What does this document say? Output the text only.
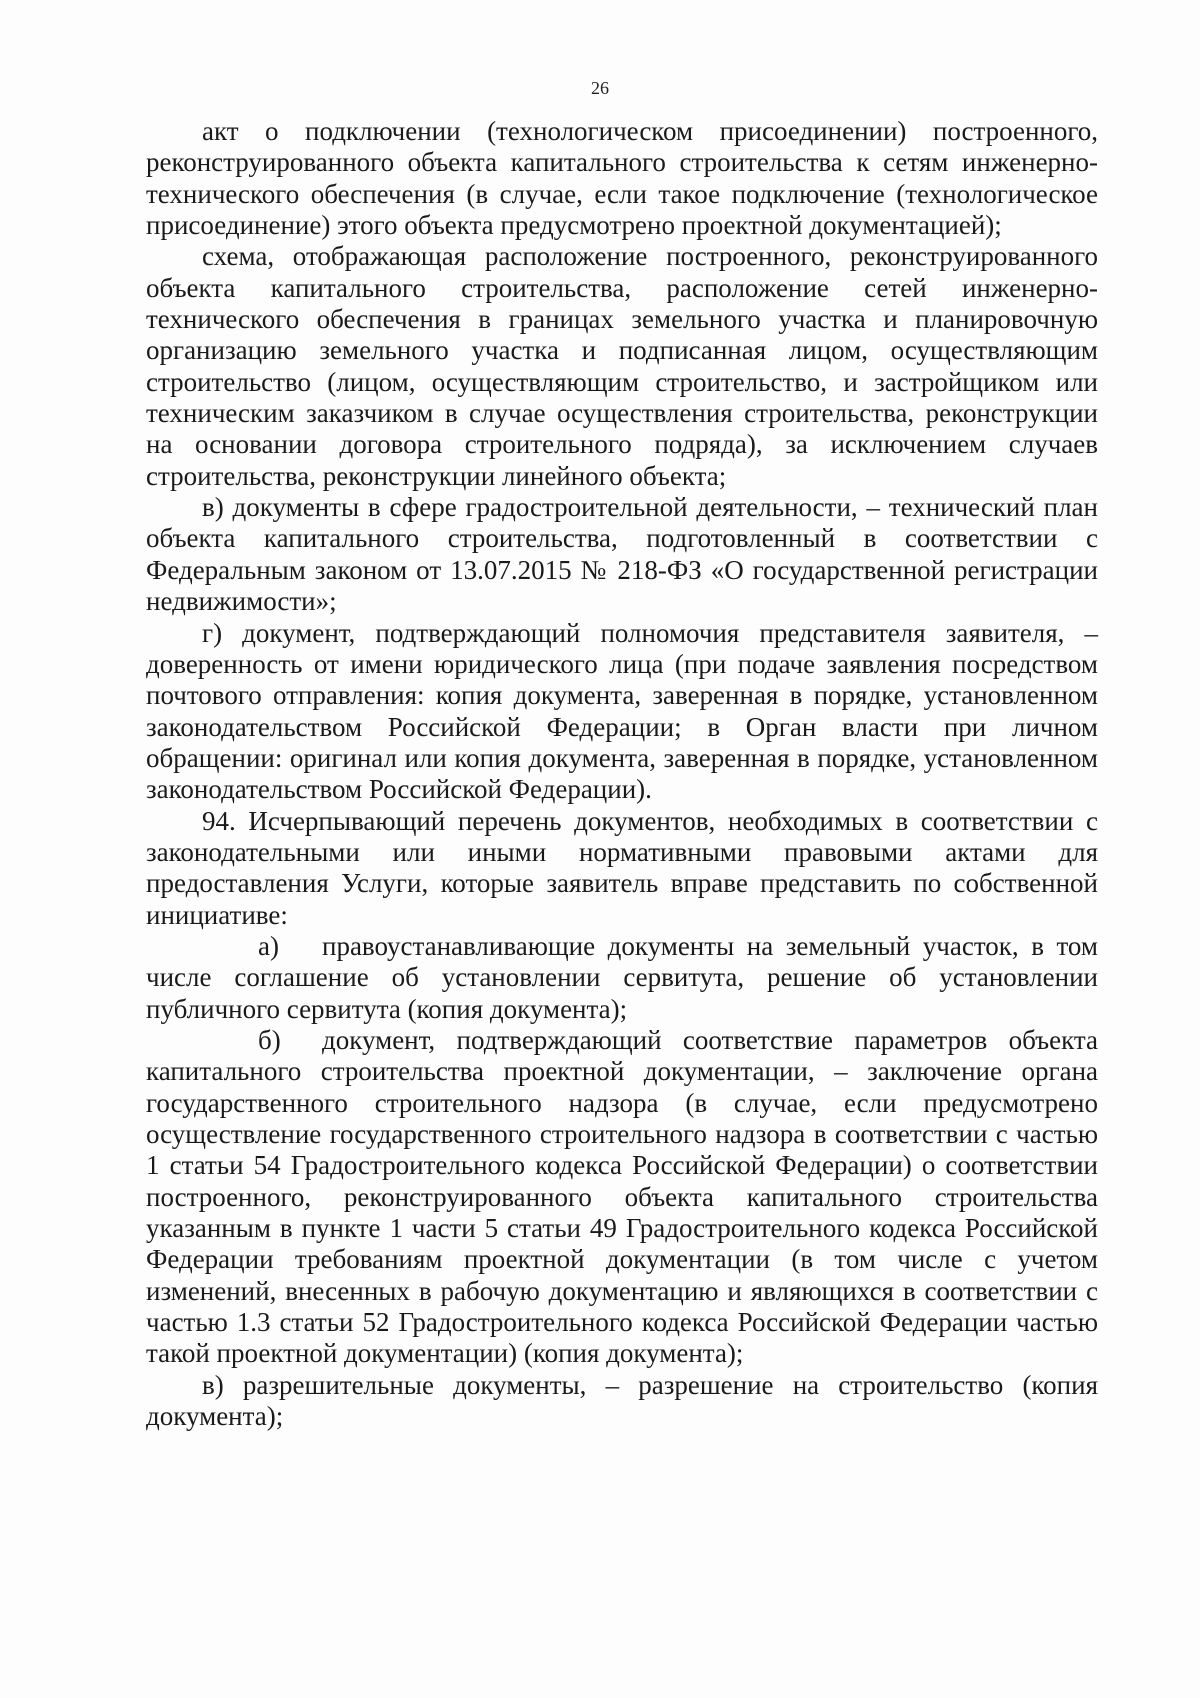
26

акт о подключении (технологическом присоединении) построенного, реконструированного объекта капитального строительства к сетям инженерно-технического обеспечения (в случае, если такое подключение (технологическое присоединение) этого объекта предусмотрено проектной документацией);

схема, отображающая расположение построенного, реконструированного объекта капитального строительства, расположение сетей инженерно-технического обеспечения в границах земельного участка и планировочную организацию земельного участка и подписанная лицом, осуществляющим строительство (лицом, осуществляющим строительство, и застройщиком или техническим заказчиком в случае осуществления строительства, реконструкции на основании договора строительного подряда), за исключением случаев строительства, реконструкции линейного объекта;

в) документы в сфере градостроительной деятельности, – технический план объекта капитального строительства, подготовленный в соответствии с Федеральным законом от 13.07.2015 № 218-ФЗ «О государственной регистрации недвижимости»;

г) документ, подтверждающий полномочия представителя заявителя, – доверенность от имени юридического лица (при подаче заявления посредством почтового отправления: копия документа, заверенная в порядке, установленном законодательством Российской Федерации; в Орган власти при личном обращении: оригинал или копия документа, заверенная в порядке, установленном законодательством Российской Федерации).

94. Исчерпывающий перечень документов, необходимых в соответствии с законодательными или иными нормативными правовыми актами для предоставления Услуги, которые заявитель вправе представить по собственной инициативе:

а) правоустанавливающие документы на земельный участок, в том числе соглашение об установлении сервитута, решение об установлении публичного сервитута (копия документа);

б) документ, подтверждающий соответствие параметров объекта капитального строительства проектной документации, – заключение органа государственного строительного надзора (в случае, если предусмотрено осуществление государственного строительного надзора в соответствии с частью 1 статьи 54 Градостроительного кодекса Российской Федерации) о соответствии построенного, реконструированного объекта капитального строительства указанным в пункте 1 части 5 статьи 49 Градостроительного кодекса Российской Федерации требованиям проектной документации (в том числе с учетом изменений, внесенных в рабочую документацию и являющихся в соответствии с частью 1.3 статьи 52 Градостроительного кодекса Российской Федерации частью такой проектной документации) (копия документа);

в) разрешительные документы, – разрешение на строительство (копия документа);
